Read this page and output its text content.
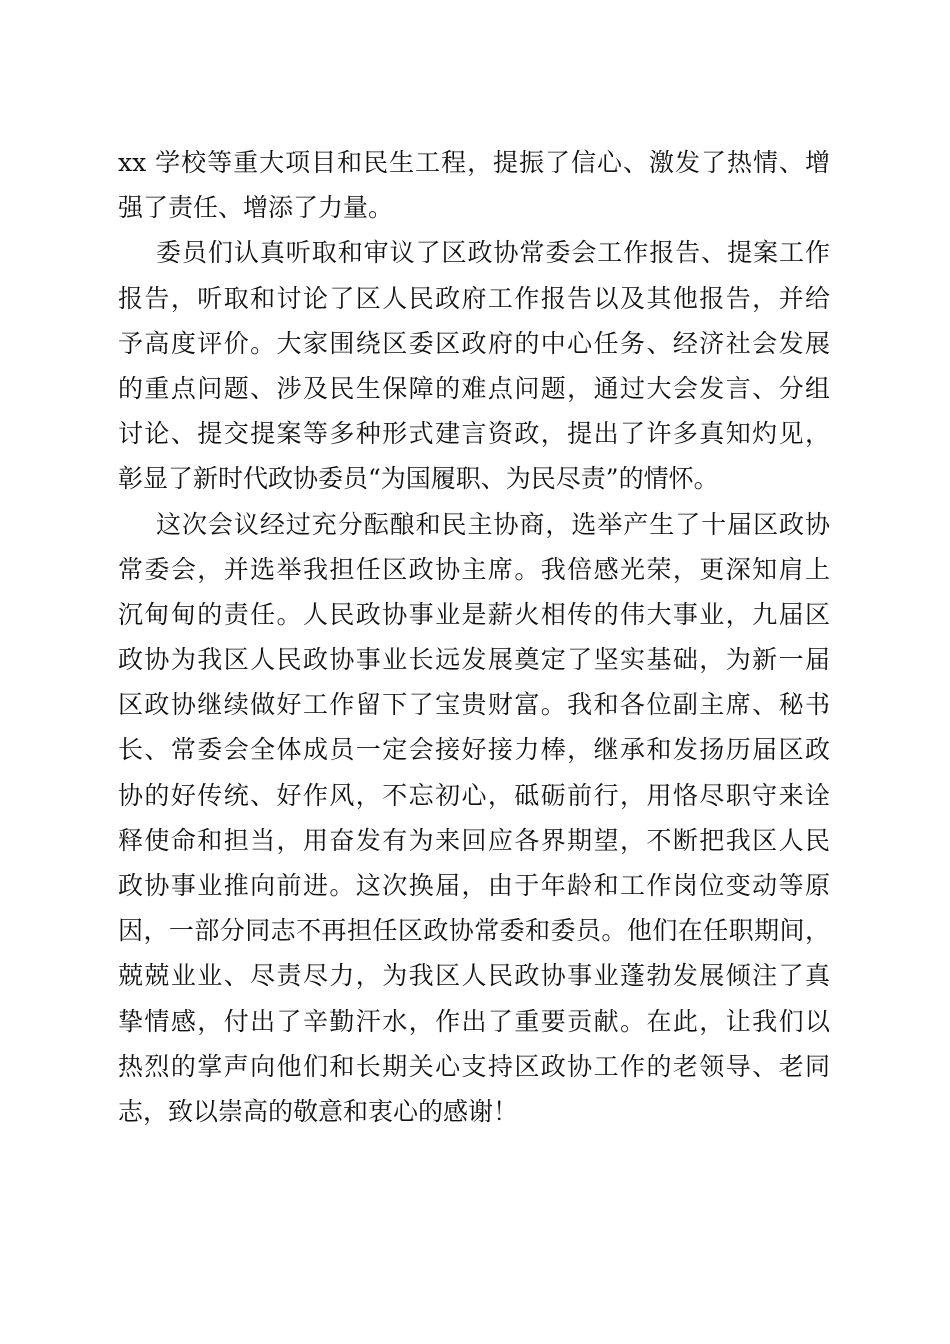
xx 学校等重大项目和民生工程，提振了信心、激发了热情、增
强了责任、增添了力量。
委员们认真听取和审议了区政协常委会工作报告、提案工作
报告，听取和讨论了区人民政府工作报告以及其他报告，并给
予高度评价。大家围绕区委区政府的中心任务、经济社会发展
的重点问题、涉及民生保障的难点问题，通过大会发言、分组
讨论、提交提案等多种形式建言资政，提出了许多真知灼见，
彰显了新时代政协委员“为国履职、为民尽责”的情怀。
这次会议经过充分酝酿和民主协商，选举产生了十届区政协
常委会，并选举我担任区政协主席。我倍感光荣，更深知肩上
沉甸甸的责任。人民政协事业是薪火相传的伟大事业，九届区
政协为我区人民政协事业长远发展奠定了坚实基础，为新一届
区政协继续做好工作留下了宝贵财富。我和各位副主席、秘书
长、常委会全体成员一定会接好接力棒，继承和发扬历届区政
协的好传统、好作风，不忘初心，砥砺前行，用恪尽职守来诠
释使命和担当，用奋发有为来回应各界期望，不断把我区人民
政协事业推向前进。这次换届，由于年龄和工作岗位变动等原
因，一部分同志不再担任区政协常委和委员。他们在任职期间，
兢兢业业、尽责尽力，为我区人民政协事业蓬勃发展倾注了真
挚情感，付出了辛勤汗水，作出了重要贡献。在此，让我们以
热烈的掌声向他们和长期关心支持区政协工作的老领导、老同
志，致以崇高的敬意和衷心的感谢！
